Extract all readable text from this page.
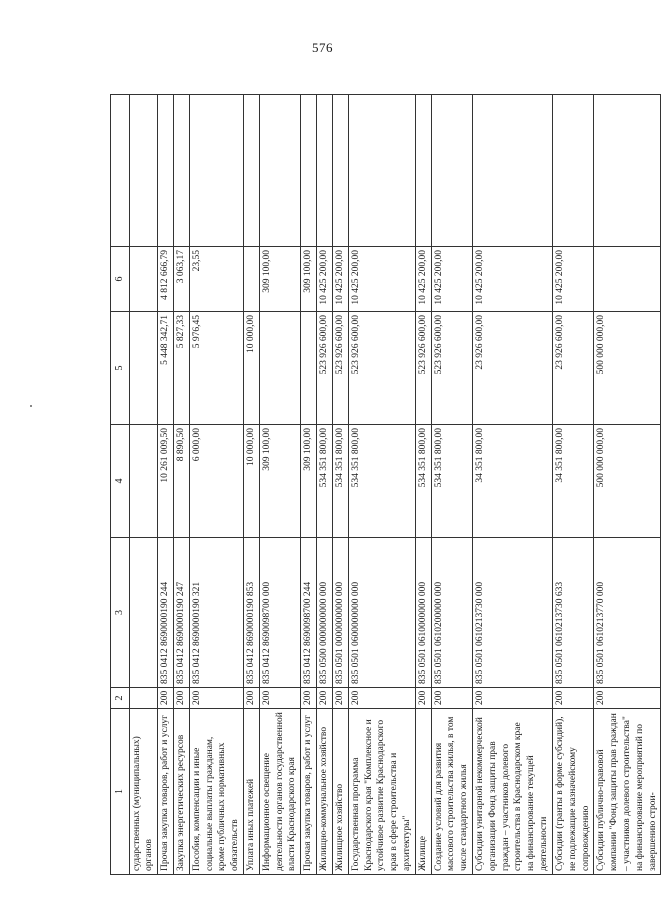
576
1	2	3	4	5	6	
сударственных (муниципальных) органов						
Прочая закупка товаров, работ и услуг	200	835 0412 8690000190 244	10 261 009,50	5 448 342,71	4 812 666,79	
Закупка энергетических ресурсов	200	835 0412 8690000190 247	8 890,50	5 827,33	3 063,17	
Пособия, компенсации и иные социальные выплаты гражданам, кроме публичных нормативных обязательств	200	835 0412 8690000190 321	6 000,00	5 976,45	23,55	
Уплата иных платежей	200	835 0412 8690000190 853	10 000,00	10 000,00		
Информационное освещение деятельности органов государственной власти Краснодарского края	200	835 0412 8690098700 000	309 100,00		309 100,00	
Прочая закупка товаров, работ и услуг	200	835 0412 8690098700 244	309 100,00		309 100,00	
Жилищно-коммунальное хозяйство	200	835 0500 0000000000 000	534 351 800,00	523 926 600,00	10 425 200,00	
Жилищное хозяйство	200	835 0501 0000000000 000	534 351 800,00	523 926 600,00	10 425 200,00	
Государственная программа Краснодарского края "Комплексное и устойчивое развитие Краснодарского края в сфере строительства и архитектуры"	200	835 0501 0600000000 000	534 351 800,00	523 926 600,00	10 425 200,00	
Жилище	200	835 0501 0610000000 000	534 351 800,00	523 926 600,00	10 425 200,00	
Создание условий для развития массового строительства жилья, в том числе стандартного жилья	200	835 0501 0610200000 000	534 351 800,00	523 926 600,00	10 425 200,00	
Субсидии унитарной некоммерческой организации Фонд защиты прав граждан – участников долевого строительства в Краснодарском крае на финансирование текущей деятельности	200	835 0501 0610213730 000	34 351 800,00	23 926 600,00	10 425 200,00	
Субсидии (гранты в форме субсидий), не подлежащие казначейскому сопровождению	200	835 0501 0610213730 633	34 351 800,00	23 926 600,00	10 425 200,00	
Субсидии публично-правовой компании "Фонд защиты прав граждан – участников долевого строительства" на финансирование мероприятий по завершению строи-	200	835 0501 0610213770 000	500 000 000,00	500 000 000,00		
